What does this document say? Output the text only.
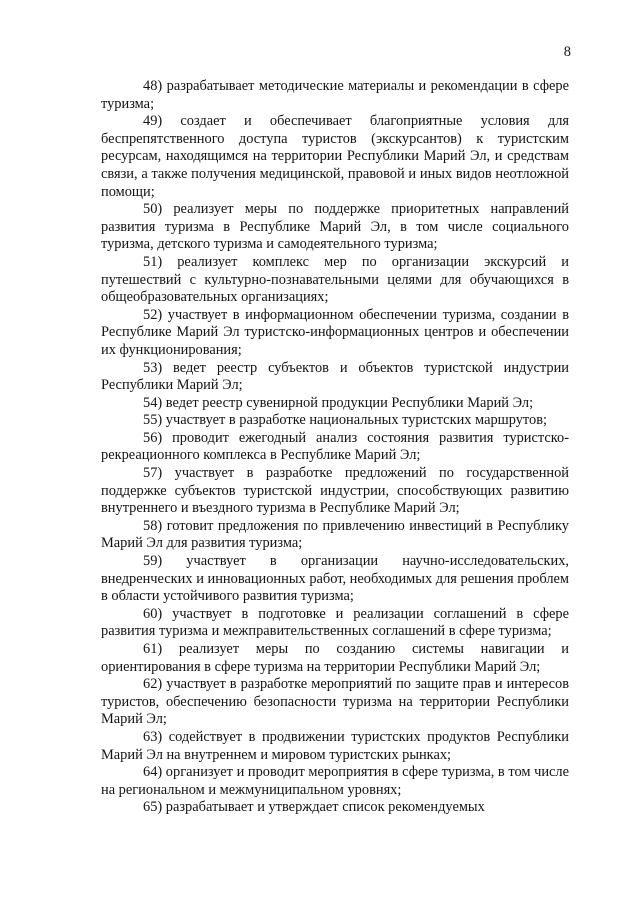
8

48) разрабатывает методические материалы и рекомендации в сфере туризма;

49) создает и обеспечивает благоприятные условия для беспрепятственного доступа туристов (экскурсантов) к туристским ресурсам, находящимся на территории Республики Марий Эл, и средствам связи, а также получения медицинской, правовой и иных видов неотложной помощи;

50) реализует меры по поддержке приоритетных направлений развития туризма в Республике Марий Эл, в том числе социального туризма, детского туризма и самодеятельного туризма;

51) реализует комплекс мер по организации экскурсий и путешествий с культурно-познавательными целями для обучающихся в общеобразовательных организациях;

52) участвует в информационном обеспечении туризма, создании в Республике Марий Эл туристско-информационных центров и обеспечении их функционирования;

53) ведет реестр субъектов и объектов туристской индустрии Республики Марий Эл;

54) ведет реестр сувенирной продукции Республики Марий Эл;

55) участвует в разработке национальных туристских маршрутов;

56) проводит ежегодный анализ состояния развития туристско-рекреационного комплекса в Республике Марий Эл;

57) участвует в разработке предложений по государственной поддержке субъектов туристской индустрии, способствующих развитию внутреннего и въездного туризма в Республике Марий Эл;

58) готовит предложения по привлечению инвестиций в Республику Марий Эл для развития туризма;

59) участвует в организации научно-исследовательских, внедренческих и инновационных работ, необходимых для решения проблем в области устойчивого развития туризма;

60) участвует в подготовке и реализации соглашений в сфере развития туризма и межправительственных соглашений в сфере туризма;

61) реализует меры по созданию системы навигации и ориентирования в сфере туризма на территории Республики Марий Эл;

62) участвует в разработке мероприятий по защите прав и интересов туристов, обеспечению безопасности туризма на территории Республики Марий Эл;

63) содействует в продвижении туристских продуктов Республики Марий Эл на внутреннем и мировом туристских рынках;

64) организует и проводит мероприятия в сфере туризма, в том числе на региональном и межмуниципальном уровнях;

65) разрабатывает и утверждает список рекомендуемых
